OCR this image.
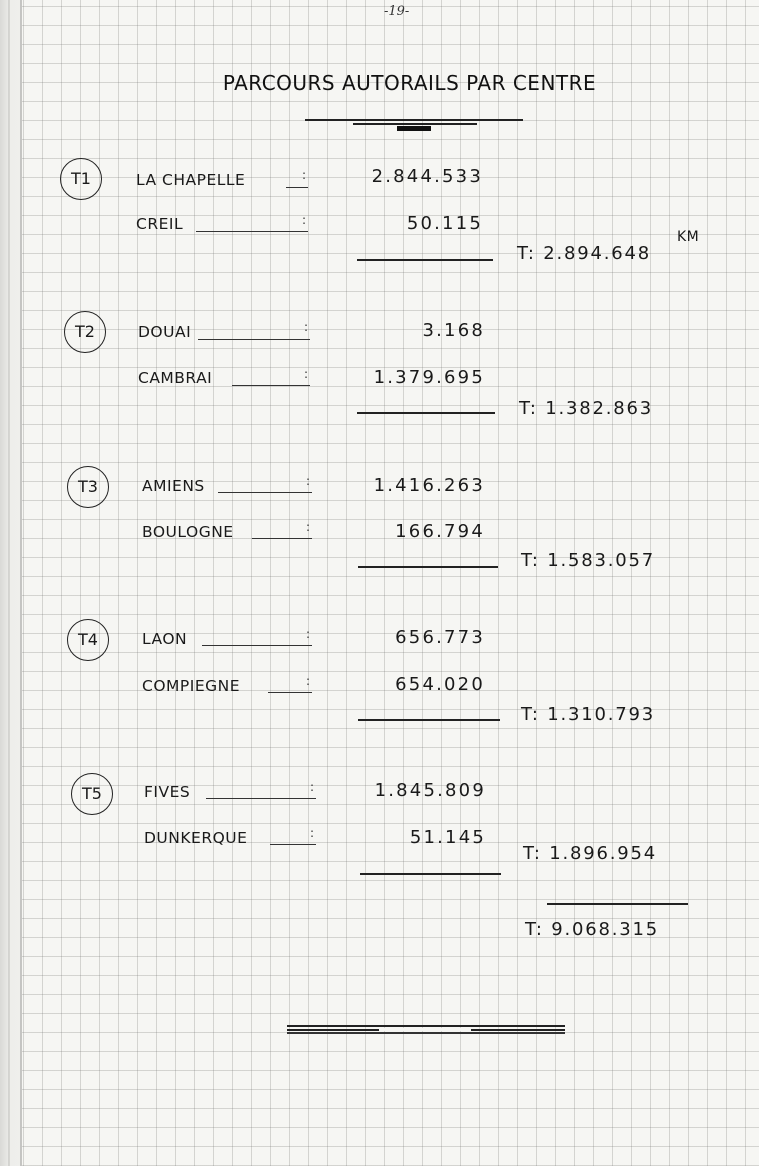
-19-
PARCOURS AUTORAILS PAR CENTRE
T1	LA CHAPELLE	:	2.844.533
CREIL	:	50.115
T: 2.894.648
KM
T2	DOUAI	:	3.168
CAMBRAI	:	1.379.695
T: 1.382.863
T3	AMIENS	:	1.416.263
BOULOGNE	:	166.794
T: 1.583.057
T4	LAON	:	656.773
COMPIEGNE	:	654.020
T: 1.310.793
T5	FIVES	:	1.845.809
DUNKERQUE	:	51.145
T: 1.896.954
T: 9.068.315
